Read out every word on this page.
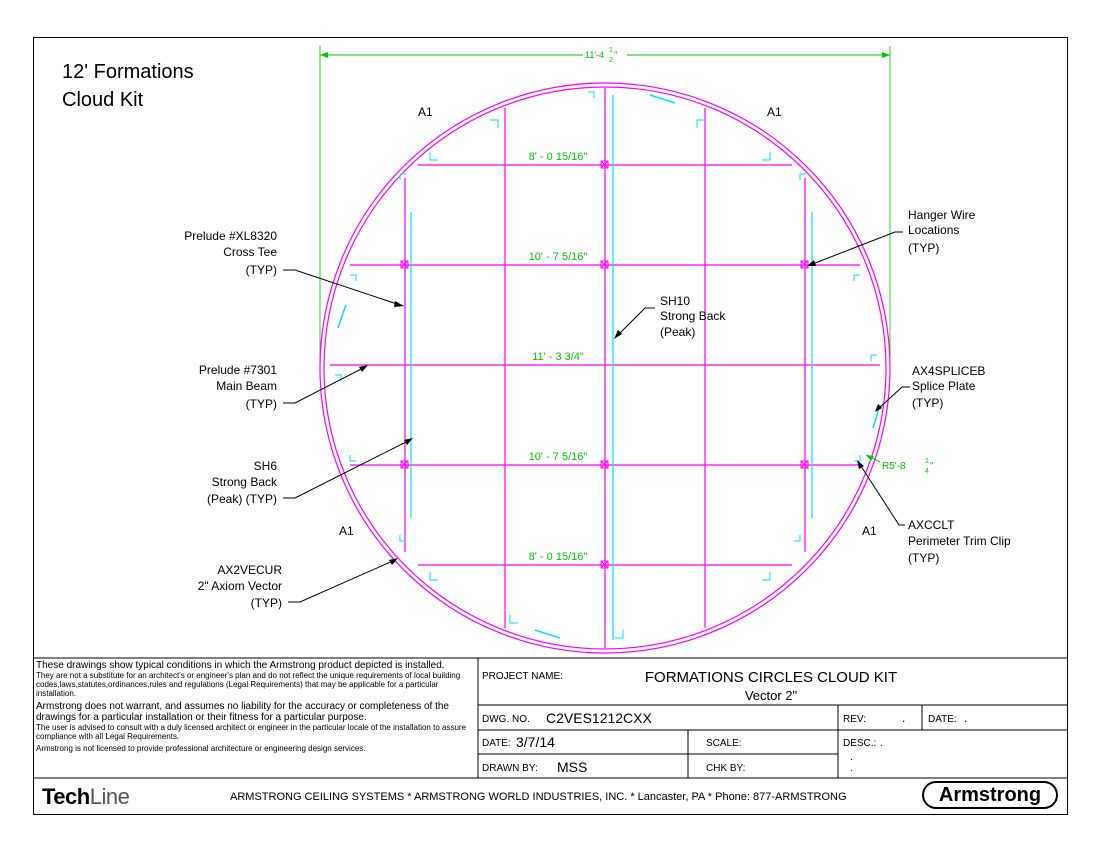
12' Formations
Cloud Kit
11'-4 1
2
"
8' - 0 15/16"
10' - 7 5/16"
11' - 3 3/4"
10' - 7 5/16"
8' - 0 15/16"
R5'-8	1
4 "
A1	A1
A1	A1
Prelude #XL8320
Cross Tee
(TYP)
Prelude #7301
Main Beam
(TYP)
SH6
Strong Back
(Peak) (TYP)
AX2VECUR
2" Axiom Vector
(TYP)
SH10
Strong Back
(Peak)
Hanger Wire
Locations
(TYP)
AX4SPLICEB
Splice Plate
(TYP)
AXCCLT
Perimeter Trim Clip
(TYP)
PROJECT NAME:	FORMATIONS CIRCLES CLOUD KIT
Vector 2"
DWG. NO. C2VES1212CXX	REV:	. DATE: .
DATE: 3/7/14	SCALE:	DESC.: .
.
.
DRAWN BY: MSS	CHK BY:

These drawings show typical conditions in which the Armstrong product depicted is installed.
They are not a substitute for an architect's or engineer's plan and do not reflect the unique requirements of local building codes,laws,statutes,ordinances,rules and regulations (Legal Requirements) that may be applicable for a particular installation.

Armstrong does not warrant, and assumes no liability for the accuracy or completeness of the drawings for a particular installation or their fitness for a particular purpose.
The user is advised to consult with a duly licensed architect or engineer in the particular locale of the installation to assure compliance with all Legal Requirements.

Armstrong is not licensed to provide professional architecture or engineering design services.

TechLine	ARMSTRONG CEILING SYSTEMS * ARMSTRONG WORLD INDUSTRIES, INC. * Lancaster, PA * Phone: 877-ARMSTRONG	Armstrong
